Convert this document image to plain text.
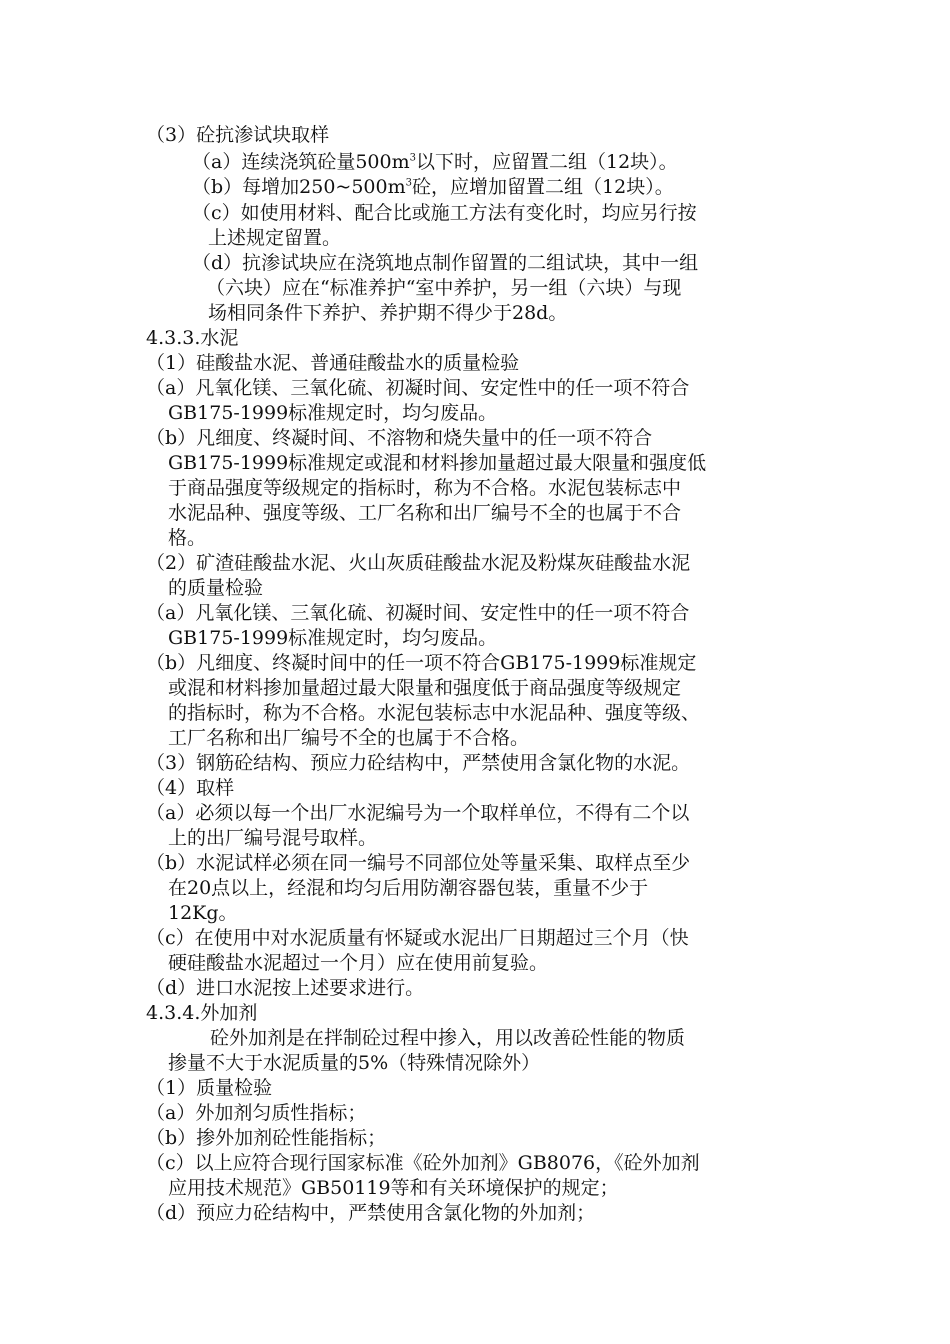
（3）砼抗渗试块取样
（a）连续浇筑砼量$500m^3$以下时，应留置二组（12块）。
（b）每增加$250\sim 500m^3$砼，应增加留置二组（12块）。
（c）如使用材料、配合比或施工方法有变化时，均应另行按
上述规定留置。
（d）抗渗试块应在浇筑地点制作留置的二组试块，其中一组
（六块）应在“标准养护“室中养护，另一组（六块）与现
场相同条件下养护、养护期不得少于28d。
4.3.3.水泥
（1）硅酸盐水泥、普通硅酸盐水的质量检验
（a）凡氧化镁、三氧化硫、初凝时间、安定性中的任一项不符合
GB175-1999标准规定时，均匀废品。
（b）凡细度、终凝时间、不溶物和烧失量中的任一项不符合
GB175-1999标准规定或混和材料掺加量超过最大限量和强度低
于商品强度等级规定的指标时，称为不合格。水泥包装标志中
水泥品种、强度等级、工厂名称和出厂编号不全的也属于不合
格。
（2）矿渣硅酸盐水泥、火山灰质硅酸盐水泥及粉煤灰硅酸盐水泥
的质量检验
（a）凡氧化镁、三氧化硫、初凝时间、安定性中的任一项不符合
GB175-1999标准规定时，均匀废品。
（b）凡细度、终凝时间中的任一项不符合GB175-1999标准规定
或混和材料掺加量超过最大限量和强度低于商品强度等级规定
的指标时，称为不合格。水泥包装标志中水泥品种、强度等级、
工厂名称和出厂编号不全的也属于不合格。
（3）钢筋砼结构、预应力砼结构中，严禁使用含氯化物的水泥。
（4）取样
（a）必须以每一个出厂水泥编号为一个取样单位，不得有二个以
上的出厂编号混号取样。
（b）水泥试样必须在同一编号不同部位处等量采集、取样点至少
在20点以上，经混和均匀后用防潮容器包装，重量不少于
12Kg。
（c）在使用中对水泥质量有怀疑或水泥出厂日期超过三个月（快
硬硅酸盐水泥超过一个月）应在使用前复验。
（d）进口水泥按上述要求进行。
4.3.4.外加剂
砼外加剂是在拌制砼过程中掺入，用以改善砼性能的物质
掺量不大于水泥质量的5%（特殊情况除外）
（1）质量检验
（a）外加剂匀质性指标；
（b）掺外加剂砼性能指标；
（c）以上应符合现行国家标准《砼外加剂》GB8076，《砼外加剂
应用技术规范》GB50119等和有关环境保护的规定；
（d）预应力砼结构中，严禁使用含氯化物的外加剂；
